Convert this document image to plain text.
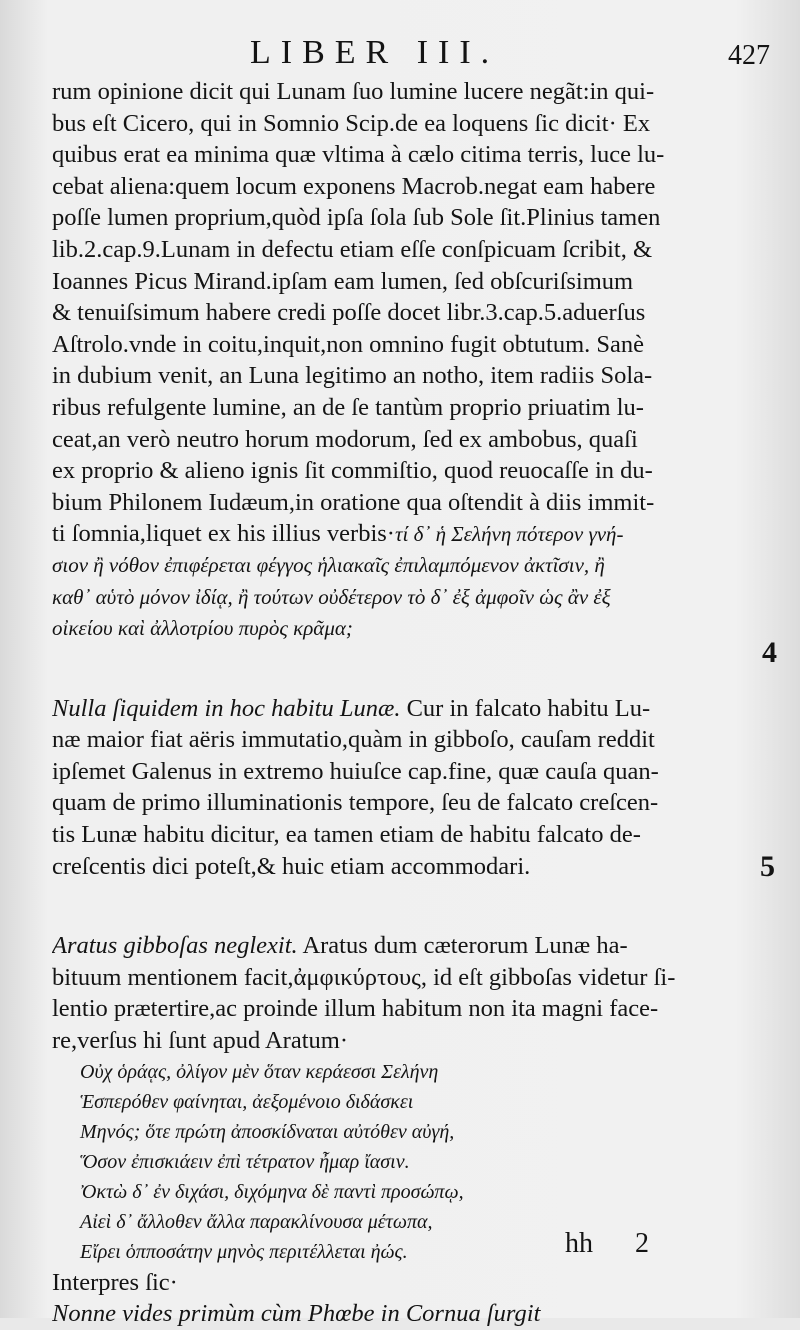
LIBER III.	427
rum opinione dicit qui Lunam ſuo lumine lucere negãt:in qui-
bus eſt Cicero, qui in Somnio Scip.de ea loquens ſic dicit· Ex
quibus erat ea minima quæ vltima à cælo citima terris, luce lu-
cebat aliena:quem locum exponens Macrob.negat eam habere
poſſe lumen proprium,quòd ipſa ſola ſub Sole ſit.Plinius tamen
lib.2.cap.9.Lunam in defectu etiam eſſe conſpicuam ſcribit, &
Ioannes Picus Mirand.ipſam eam lumen, ſed obſcuriſsimum
& tenuiſsimum habere credi poſſe docet libr.3.cap.5.aduerſus
Aſtrolo.vnde in coitu,inquit,non omnino fugit obtutum. Sanè
in dubium venit, an Luna legitimo an notho, item radiis Sola-
ribus refulgente lumine, an de ſe tantùm proprio priuatim lu-
ceat,an verò neutro horum modorum, ſed ex ambobus, quaſi
ex proprio & alieno ignis ſit commiſtio, quod reuocaſſe in du-
bium Philonem Iudæum,in oratione qua oſtendit à diis immit-
ti ſomnia,liquet ex his illius verbis·τί δ᾽ ἡ Σελήνη πότερον γνή-
σιον ἢ νόθον ἐπιφέρεται φέγγος ἡλιακαῖς ἐπιλαμπόμενον ἀκτῖσιν, ἢ
καθ᾽ αὑτὸ μόνον ἰδίᾳ, ἢ τούτων οὐδέτερον τὸ δ᾽ ἐξ ἀμφοῖν ὡς ἂν ἐξ
οἰκείου καὶ ἀλλοτρίου πυρὸς κρᾶμα;
Nulla ſiquidem in hoc habitu Lunæ. Cur in falcato habitu Lu-
næ maior fiat aëris immutatio,quàm in gibboſo, cauſam reddit
ipſemet Galenus in extremo huiuſce cap.fine, quæ cauſa quan-
quam de primo illuminationis tempore, ſeu de falcato creſcen-
tis Lunæ habitu dicitur, ea tamen etiam de habitu falcato de-
creſcentis dici poteſt,& huic etiam accommodari.
Aratus gibboſas neglexit. Aratus dum cæterorum Lunæ ha-
bituum mentionem facit,ἀμφικύρτους, id eſt gibboſas videtur ſi-
lentio prætertire,ac proinde illum habitum non ita magni face-
re,verſus hi ſunt apud Aratum·
Οὐχ ὁράᾳς, ὀλίγον μὲν ὅταν κεράεσσι Σελήνη
Ἑσπερόθεν φαίνηται, ἀεξομένοιο διδάσκει
Μηνός; ὅτε πρώτη ἀποσκίδναται αὐτόθεν αὐγή,
Ὅσον ἐπισκιάειν ἐπὶ τέτρατον ἦμαρ ἴασιν.
Ὀκτὼ δ᾽ ἐν διχάσι, διχόμηνα δὲ παντὶ προσώπῳ,
Αἰεὶ δ᾽ ἄλλοθεν ἄλλα παρακλίνουσα μέτωπα,
Εἴρει ὁπποσάτην μηνὸς περιτέλλεται ἠώς.
Interpres ſic·
Nonne vides primùm cùm Phœbe in Cornua ſurgit
4
5
hh 2
